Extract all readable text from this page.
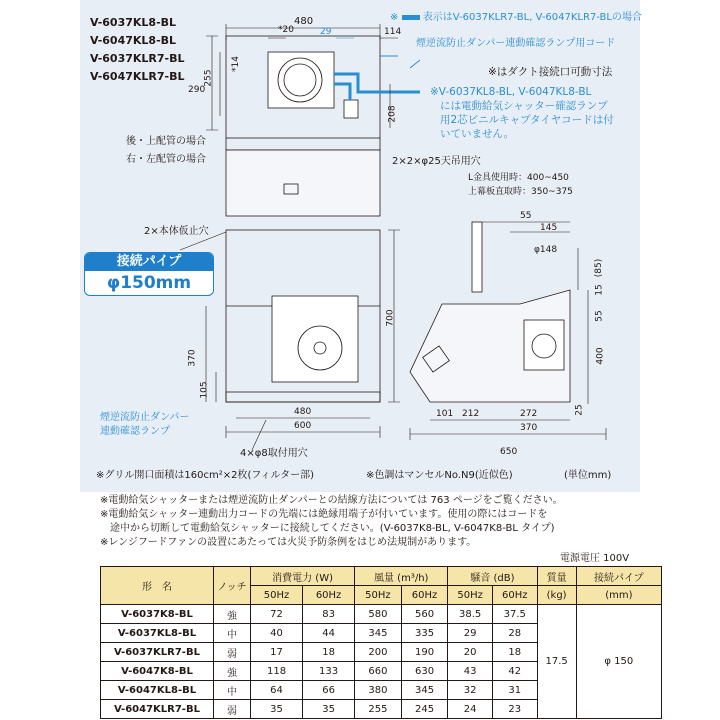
※ 表示はV-6037KLR7-BL, V-6047KLR7-BLの場合
煙逆流防止ダンパー連動確認ランプ用コード
※はダクト接続口可動寸法
※V-6037KL8-BL, V-6047KL8-BL
には電動給気シャッター確認ランプ
用2芯ビニルキャプタイヤコードは付
いていません。
後・上配管の場合
右・左配管の場合	2×2×φ25天吊用穴
2×本体仮止穴
L金具使用時：400~450
上幕板直取時：350~375
煙逆流防止ダンパー
連動確認ランプ
4×φ8取付用穴
※グリル開口面積は160cm²×2枚(フィルター部)	※色調はマンセルNo.N9(近似色)	(単位mm)
480
*20	29	114
*14
290
255
208
700
370
105
480
600
55
145
φ148
(85)
15
55
400
101 212	272	25
370
650
V-6037KL8-BL
V-6047KL8-BL
V-6037KLR7-BL
V-6047KLR7-BL
接続パイプ
φ150mm
※電動給気シャッターまたは煙逆流防止ダンパーとの結線方法については 763 ページをご覧ください。
※電動給気シャッター連動出力コードの先端には絶縁用端子が付いています。使用の際にはコードを
　途中から切断して電動給気シャッターに接続してください。(V-6037K8-BL, V-6047K8-BL タイプ)
※レンジフードファンの設置にあたっては火災予防条例をはじめ法規制があります。
電源電圧 100V
形　名	ノッチ	消費電力 (W)		風量 (m³/h)		騒音 (dB)		質量	接続パイプ
		50Hz	60Hz	50Hz	60Hz	50Hz	60Hz	(kg)	(mm)
V-6037K8-BL	強	72	83	580	560	38.5	37.5	17.5	φ 150
V-6037KL8-BL	中	40	44	345	335	29	28		
V-6037KLR7-BL	弱	17	18	200	190	20	18		
V-6047K8-BL	強	118	133	660	630	43	42		
V-6047KL8-BL	中	64	66	380	345	32	31		
V-6047KLR7-BL	弱	35	35	255	245	24	23		
